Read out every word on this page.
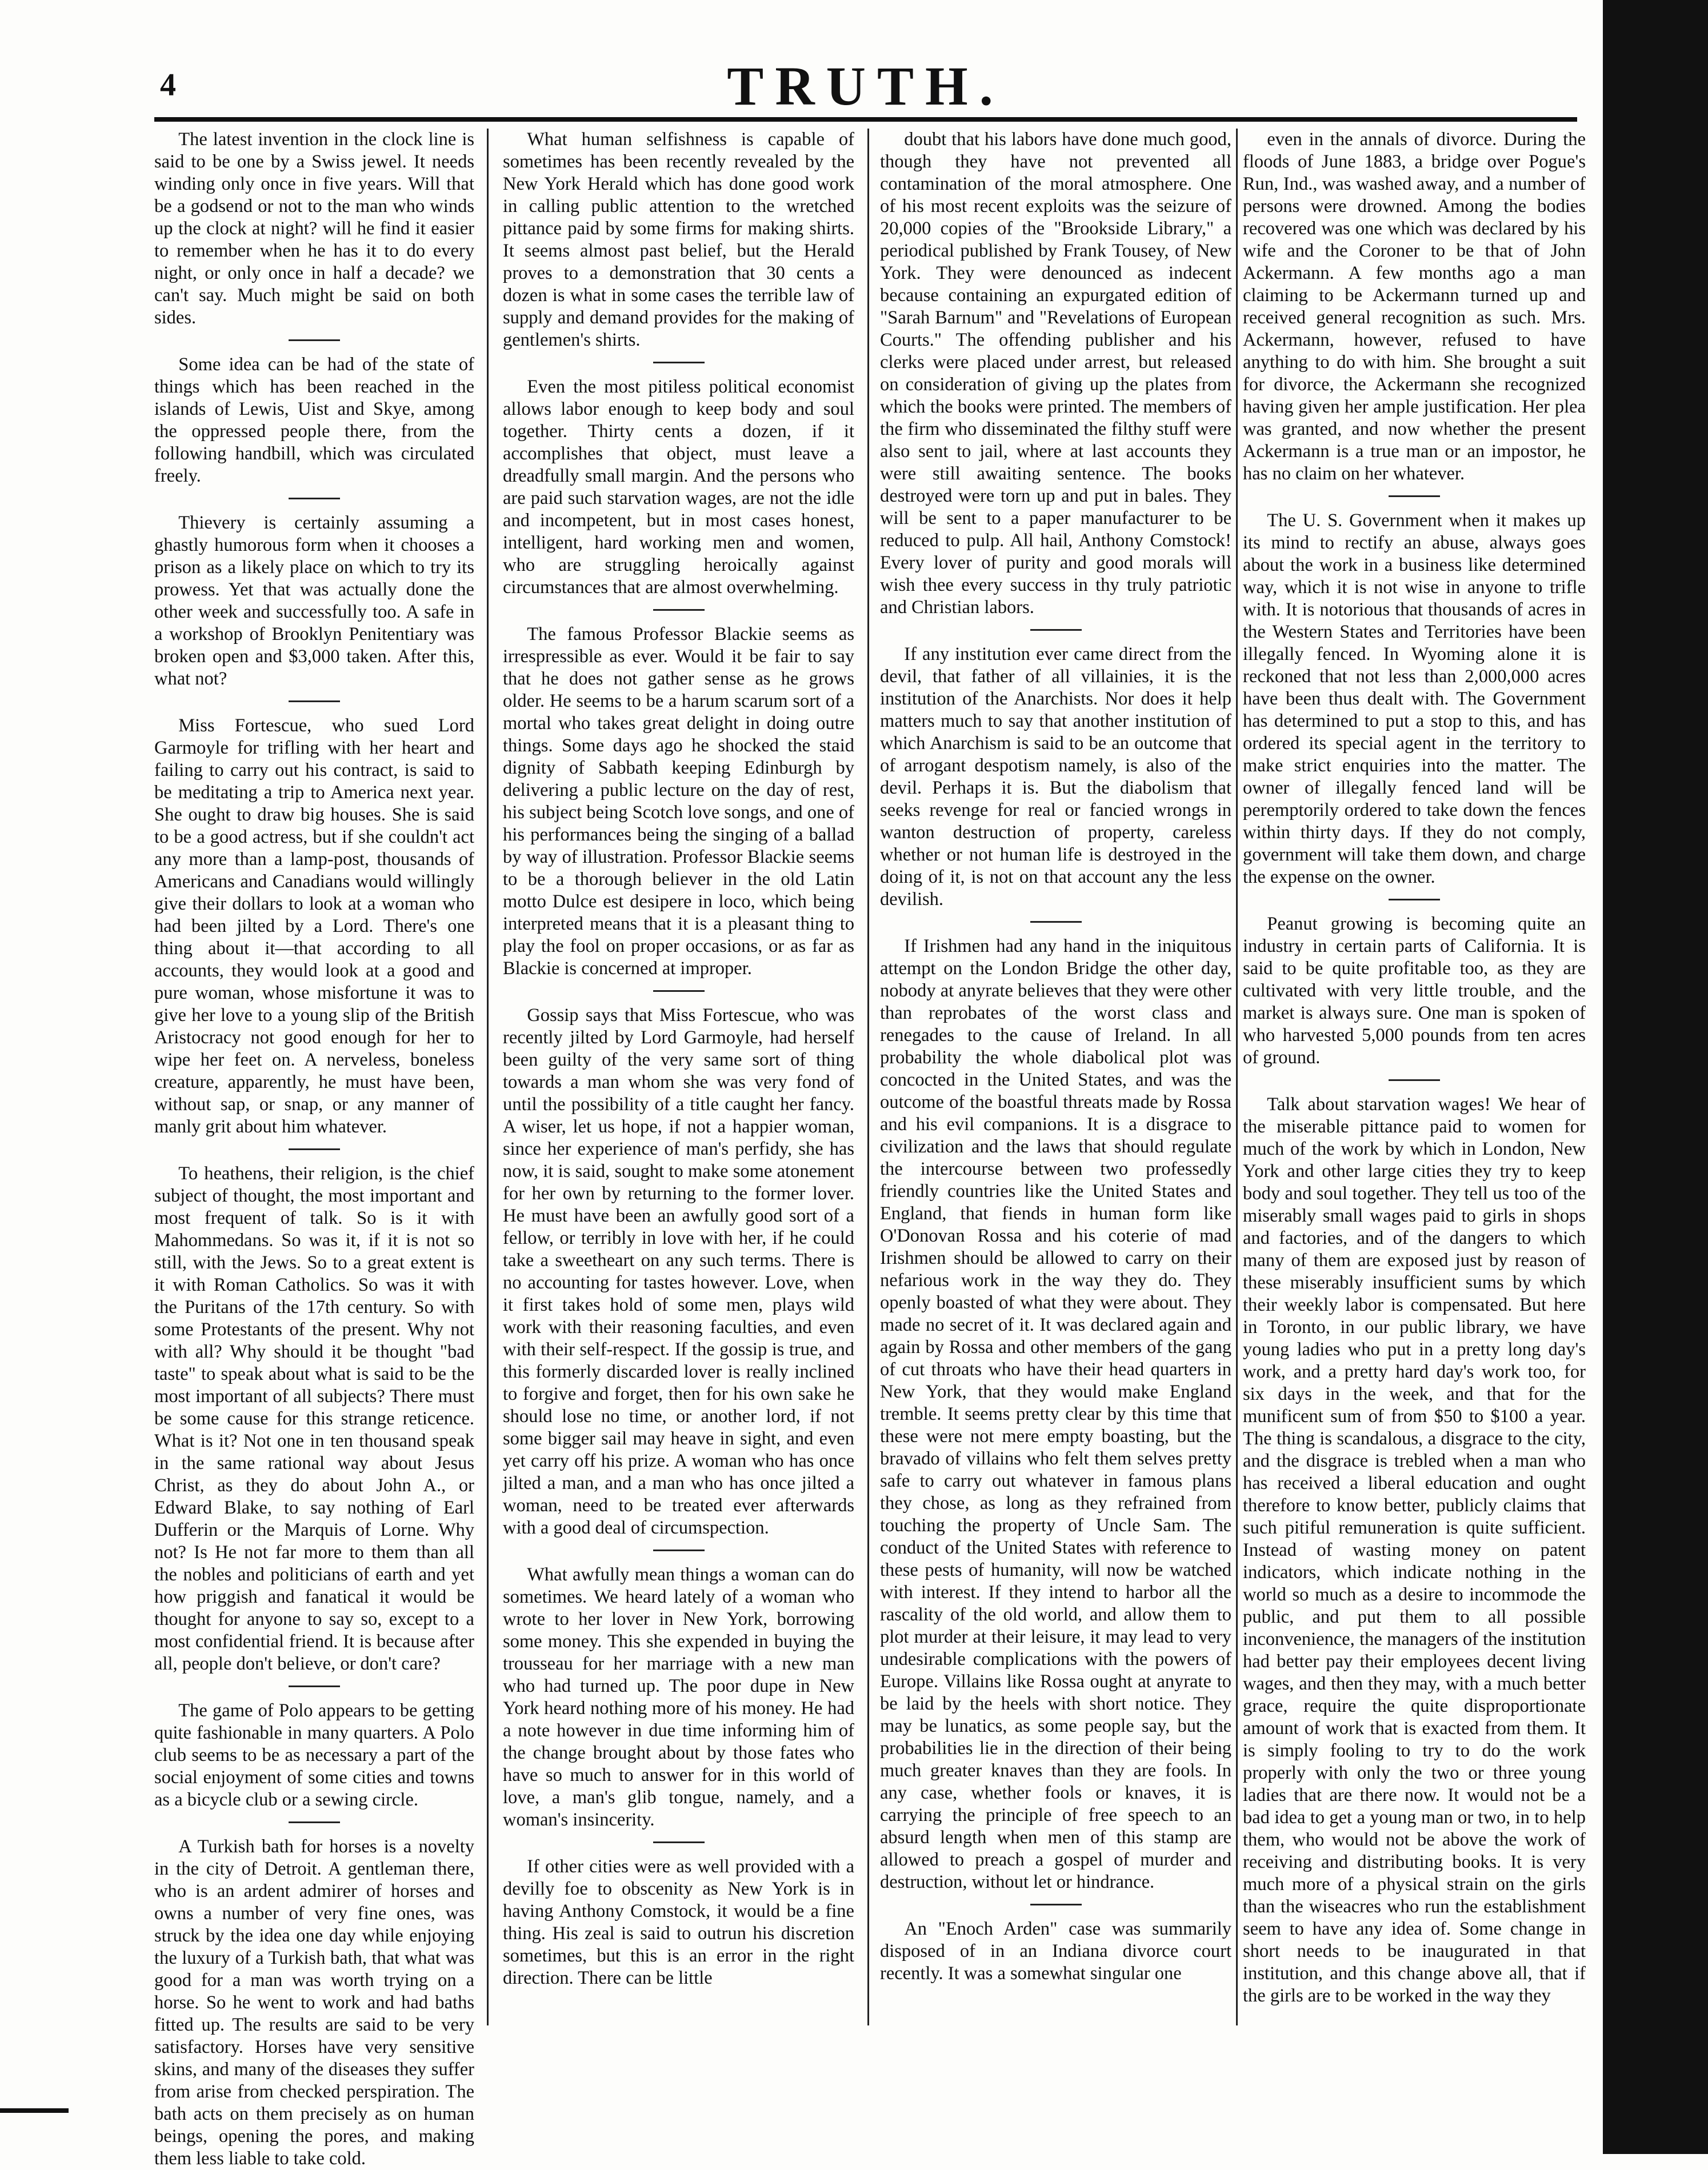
4	TRUTH.

The latest invention in the clock line is said to be one by a Swiss jewel. It needs winding only once in five years. Will that be a godsend or not to the man who winds up the clock at night? will he find it easier to remember when he has it to do every night, or only once in half a decade? we can't say. Much might be said on both sides.

Some idea can be had of the state of things which has been reached in the islands of Lewis, Uist and Skye, among the oppressed people there, from the following handbill, which was circulated freely.

Thievery is certainly assuming a ghastly humorous form when it chooses a prison as a likely place on which to try its prowess. Yet that was actually done the other week and successfully too. A safe in a workshop of Brooklyn Penitentiary was broken open and $3,000 taken. After this, what not?

Miss Fortescue, who sued Lord Garmoyle for trifling with her heart and failing to carry out his contract, is said to be meditating a trip to America next year. She ought to draw big houses. She is said to be a good actress, but if she couldn't act any more than a lamp-post, thousands of Americans and Canadians would willingly give their dollars to look at a woman who had been jilted by a Lord. There's one thing about it—that according to all accounts, they would look at a good and pure woman, whose misfortune it was to give her love to a young slip of the British Aristocracy not good enough for her to wipe her feet on. A nerveless, boneless creature, apparently, he must have been, without sap, or snap, or any manner of manly grit about him whatever.

To heathens, their religion, is the chief subject of thought, the most important and most frequent of talk. So is it with Mahommedans. So was it, if it is not so still, with the Jews. So to a great extent is it with Roman Catholics. So was it with the Puritans of the 17th century. So with some Protestants of the present. Why not with all? Why should it be thought "bad taste" to speak about what is said to be the most important of all subjects? There must be some cause for this strange reticence. What is it? Not one in ten thousand speak in the same rational way about Jesus Christ, as they do about John A., or Edward Blake, to say nothing of Earl Dufferin or the Marquis of Lorne. Why not? Is He not far more to them than all the nobles and politicians of earth and yet how priggish and fanatical it would be thought for anyone to say so, except to a most confidential friend. It is because after all, people don't believe, or don't care?

The game of Polo appears to be getting quite fashionable in many quarters. A Polo club seems to be as necessary a part of the social enjoyment of some cities and towns as a bicycle club or a sewing circle.

A Turkish bath for horses is a novelty in the city of Detroit. A gentleman there, who is an ardent admirer of horses and owns a number of very fine ones, was struck by the idea one day while enjoying the luxury of a Turkish bath, that what was good for a man was worth trying on a horse. So he went to work and had baths fitted up. The results are said to be very satisfactory. Horses have very sensitive skins, and many of the diseases they suffer from arise from checked perspiration. The bath acts on them precisely as on human beings, opening the pores, and making them less liable to take cold.

What human selfishness is capable of sometimes has been recently revealed by the New York Herald which has done good work in calling public attention to the wretched pittance paid by some firms for making shirts. It seems almost past belief, but the Herald proves to a demonstration that 30 cents a dozen is what in some cases the terrible law of supply and demand provides for the making of gentlemen's shirts.

Even the most pitiless political economist allows labor enough to keep body and soul together. Thirty cents a dozen, if it accomplishes that object, must leave a dreadfully small margin. And the persons who are paid such starvation wages, are not the idle and incompetent, but in most cases honest, intelligent, hard working men and women, who are struggling heroically against circumstances that are almost overwhelming.

The famous Professor Blackie seems as irrespressible as ever. Would it be fair to say that he does not gather sense as he grows older. He seems to be a harum scarum sort of a mortal who takes great delight in doing outre things. Some days ago he shocked the staid dignity of Sabbath keeping Edinburgh by delivering a public lecture on the day of rest, his subject being Scotch love songs, and one of his performances being the singing of a ballad by way of illustration. Professor Blackie seems to be a thorough believer in the old Latin motto Dulce est desipere in loco, which being interpreted means that it is a pleasant thing to play the fool on proper occasions, or as far as Blackie is concerned at improper.

Gossip says that Miss Fortescue, who was recently jilted by Lord Garmoyle, had herself been guilty of the very same sort of thing towards a man whom she was very fond of until the possibility of a title caught her fancy. A wiser, let us hope, if not a happier woman, since her experience of man's perfidy, she has now, it is said, sought to make some atonement for her own by returning to the former lover. He must have been an awfully good sort of a fellow, or terribly in love with her, if he could take a sweetheart on any such terms. There is no accounting for tastes however. Love, when it first takes hold of some men, plays wild work with their reasoning faculties, and even with their self-respect. If the gossip is true, and this formerly discarded lover is really inclined to forgive and forget, then for his own sake he should lose no time, or another lord, if not some bigger sail may heave in sight, and even yet carry off his prize. A woman who has once jilted a man, and a man who has once jilted a woman, need to be treated ever afterwards with a good deal of circumspection.

What awfully mean things a woman can do sometimes. We heard lately of a woman who wrote to her lover in New York, borrowing some money. This she expended in buying the trousseau for her marriage with a new man who had turned up. The poor dupe in New York heard nothing more of his money. He had a note however in due time informing him of the change brought about by those fates who have so much to answer for in this world of love, a man's glib tongue, namely, and a woman's insincerity.

If other cities were as well provided with a devilly foe to obscenity as New York is in having Anthony Comstock, it would be a fine thing. His zeal is said to outrun his discretion sometimes, but this is an error in the right direction. There can be little

doubt that his labors have done much good, though they have not prevented all contamination of the moral atmosphere. One of his most recent exploits was the seizure of 20,000 copies of the "Brookside Library," a periodical published by Frank Tousey, of New York. They were denounced as indecent because containing an expurgated edition of "Sarah Barnum" and "Revelations of European Courts." The offending publisher and his clerks were placed under arrest, but released on consideration of giving up the plates from which the books were printed. The members of the firm who disseminated the filthy stuff were also sent to jail, where at last accounts they were still awaiting sentence. The books destroyed were torn up and put in bales. They will be sent to a paper manufacturer to be reduced to pulp. All hail, Anthony Comstock! Every lover of purity and good morals will wish thee every success in thy truly patriotic and Christian labors.

If any institution ever came direct from the devil, that father of all villainies, it is the institution of the Anarchists. Nor does it help matters much to say that another institution of which Anarchism is said to be an outcome that of arrogant despotism namely, is also of the devil. Perhaps it is. But the diabolism that seeks revenge for real or fancied wrongs in wanton destruction of property, careless whether or not human life is destroyed in the doing of it, is not on that account any the less devilish.

If Irishmen had any hand in the iniquitous attempt on the London Bridge the other day, nobody at anyrate believes that they were other than reprobates of the worst class and renegades to the cause of Ireland. In all probability the whole diabolical plot was concocted in the United States, and was the outcome of the boastful threats made by Rossa and his evil companions. It is a disgrace to civilization and the laws that should regulate the intercourse between two professedly friendly countries like the United States and England, that fiends in human form like O'Donovan Rossa and his coterie of mad Irishmen should be allowed to carry on their nefarious work in the way they do. They openly boasted of what they were about. They made no secret of it. It was declared again and again by Rossa and other members of the gang of cut throats who have their head quarters in New York, that they would make England tremble. It seems pretty clear by this time that these were not mere empty boasting, but the bravado of villains who felt them selves pretty safe to carry out whatever in famous plans they chose, as long as they refrained from touching the property of Uncle Sam. The conduct of the United States with reference to these pests of humanity, will now be watched with interest. If they intend to harbor all the rascality of the old world, and allow them to plot murder at their leisure, it may lead to very undesirable complications with the powers of Europe. Villains like Rossa ought at anyrate to be laid by the heels with short notice. They may be lunatics, as some people say, but the probabilities lie in the direction of their being much greater knaves than they are fools. In any case, whether fools or knaves, it is carrying the principle of free speech to an absurd length when men of this stamp are allowed to preach a gospel of murder and destruction, without let or hindrance.

An "Enoch Arden" case was summarily disposed of in an Indiana divorce court recently. It was a somewhat singular one

even in the annals of divorce. During the floods of June 1883, a bridge over Pogue's Run, Ind., was washed away, and a number of persons were drowned. Among the bodies recovered was one which was declared by his wife and the Coroner to be that of John Ackermann. A few months ago a man claiming to be Ackermann turned up and received general recognition as such. Mrs. Ackermann, however, refused to have anything to do with him. She brought a suit for divorce, the Ackermann she recognized having given her ample justification. Her plea was granted, and now whether the present Ackermann is a true man or an impostor, he has no claim on her whatever.

The U. S. Government when it makes up its mind to rectify an abuse, always goes about the work in a business like determined way, which it is not wise in anyone to trifle with. It is notorious that thousands of acres in the Western States and Territories have been illegally fenced. In Wyoming alone it is reckoned that not less than 2,000,000 acres have been thus dealt with. The Government has determined to put a stop to this, and has ordered its special agent in the territory to make strict enquiries into the matter. The owner of illegally fenced land will be peremptorily ordered to take down the fences within thirty days. If they do not comply, government will take them down, and charge the expense on the owner.

Peanut growing is becoming quite an industry in certain parts of California. It is said to be quite profitable too, as they are cultivated with very little trouble, and the market is always sure. One man is spoken of who harvested 5,000 pounds from ten acres of ground.

Talk about starvation wages! We hear of the miserable pittance paid to women for much of the work by which in London, New York and other large cities they try to keep body and soul together. They tell us too of the miserably small wages paid to girls in shops and factories, and of the dangers to which many of them are exposed just by reason of these miserably insufficient sums by which their weekly labor is compensated. But here in Toronto, in our public library, we have young ladies who put in a pretty long day's work, and a pretty hard day's work too, for six days in the week, and that for the munificent sum of from $50 to $100 a year. The thing is scandalous, a disgrace to the city, and the disgrace is trebled when a man who has received a liberal education and ought therefore to know better, publicly claims that such pitiful remuneration is quite sufficient. Instead of wasting money on patent indicators, which indicate nothing in the world so much as a desire to incommode the public, and put them to all possible inconvenience, the managers of the institution had better pay their employees decent living wages, and then they may, with a much better grace, require the quite disproportionate amount of work that is exacted from them. It is simply fooling to try to do the work properly with only the two or three young ladies that are there now. It would not be a bad idea to get a young man or two, in to help them, who would not be above the work of receiving and distributing books. It is very much more of a physical strain on the girls than the wiseacres who run the establishment seem to have any idea of. Some change in short needs to be inaugurated in that institution, and this change above all, that if the girls are to be worked in the way they
